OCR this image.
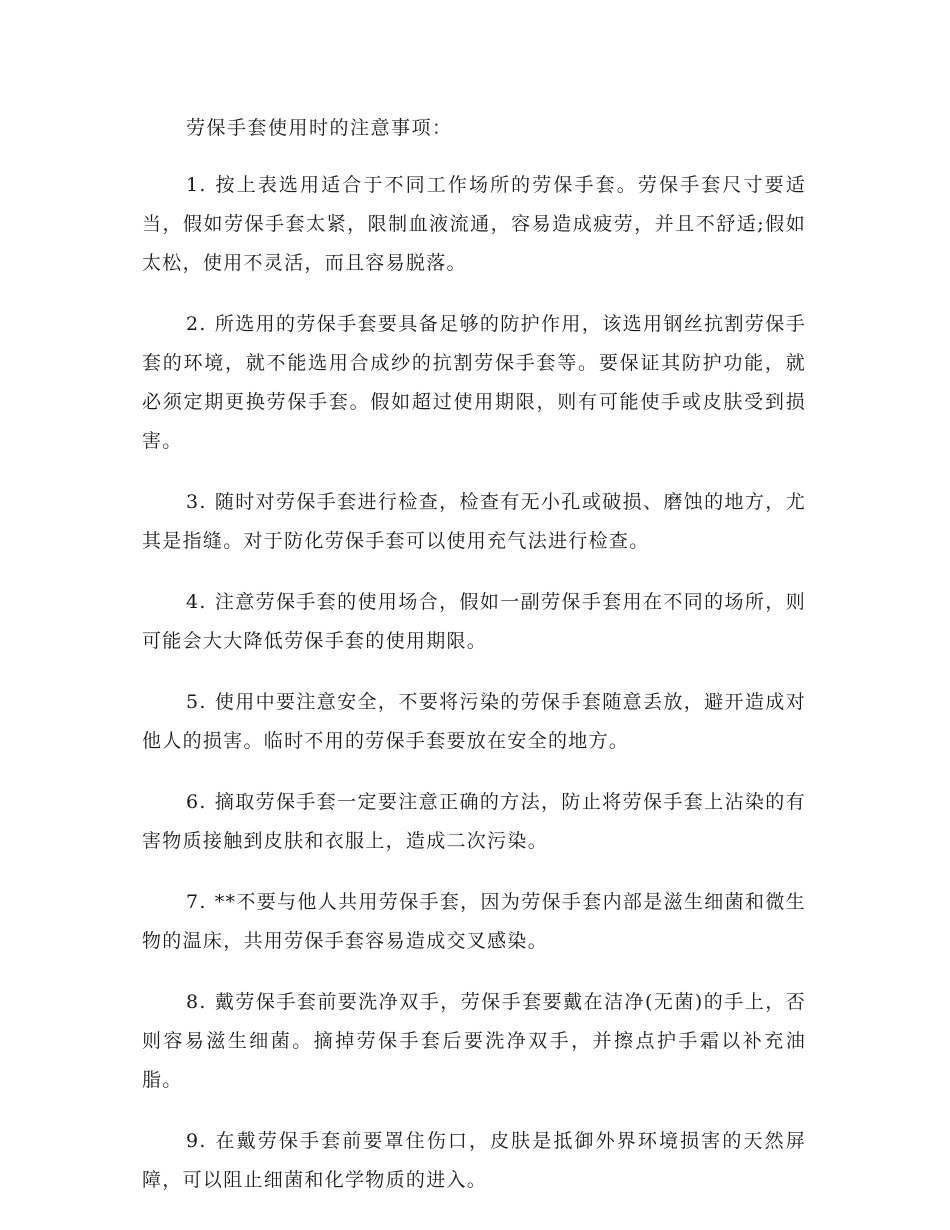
劳保手套使用时的注意事项：

1. 按上表选用适合于不同工作场所的劳保手套。劳保手套尺寸要适当，假如劳保手套太紧，限制血液流通，容易造成疲劳，并且不舒适;假如太松，使用不灵活，而且容易脱落。

2. 所选用的劳保手套要具备足够的防护作用，该选用钢丝抗割劳保手套的环境，就不能选用合成纱的抗割劳保手套等。要保证其防护功能，就必须定期更换劳保手套。假如超过使用期限，则有可能使手或皮肤受到损害。

3. 随时对劳保手套进行检查，检查有无小孔或破损、磨蚀的地方，尤其是指缝。对于防化劳保手套可以使用充气法进行检查。

4. 注意劳保手套的使用场合，假如一副劳保手套用在不同的场所，则可能会大大降低劳保手套的使用期限。

5. 使用中要注意安全，不要将污染的劳保手套随意丢放，避开造成对他人的损害。临时不用的劳保手套要放在安全的地方。

6. 摘取劳保手套一定要注意正确的方法，防止将劳保手套上沾染的有害物质接触到皮肤和衣服上，造成二次污染。

7. **不要与他人共用劳保手套，因为劳保手套内部是滋生细菌和微生物的温床，共用劳保手套容易造成交叉感染。

8. 戴劳保手套前要洗净双手，劳保手套要戴在洁净(无菌)的手上，否则容易滋生细菌。摘掉劳保手套后要洗净双手，并擦点护手霜以补充油脂。

9. 在戴劳保手套前要罩住伤口，皮肤是抵御外界环境损害的天然屏障，可以阻止细菌和化学物质的进入。
